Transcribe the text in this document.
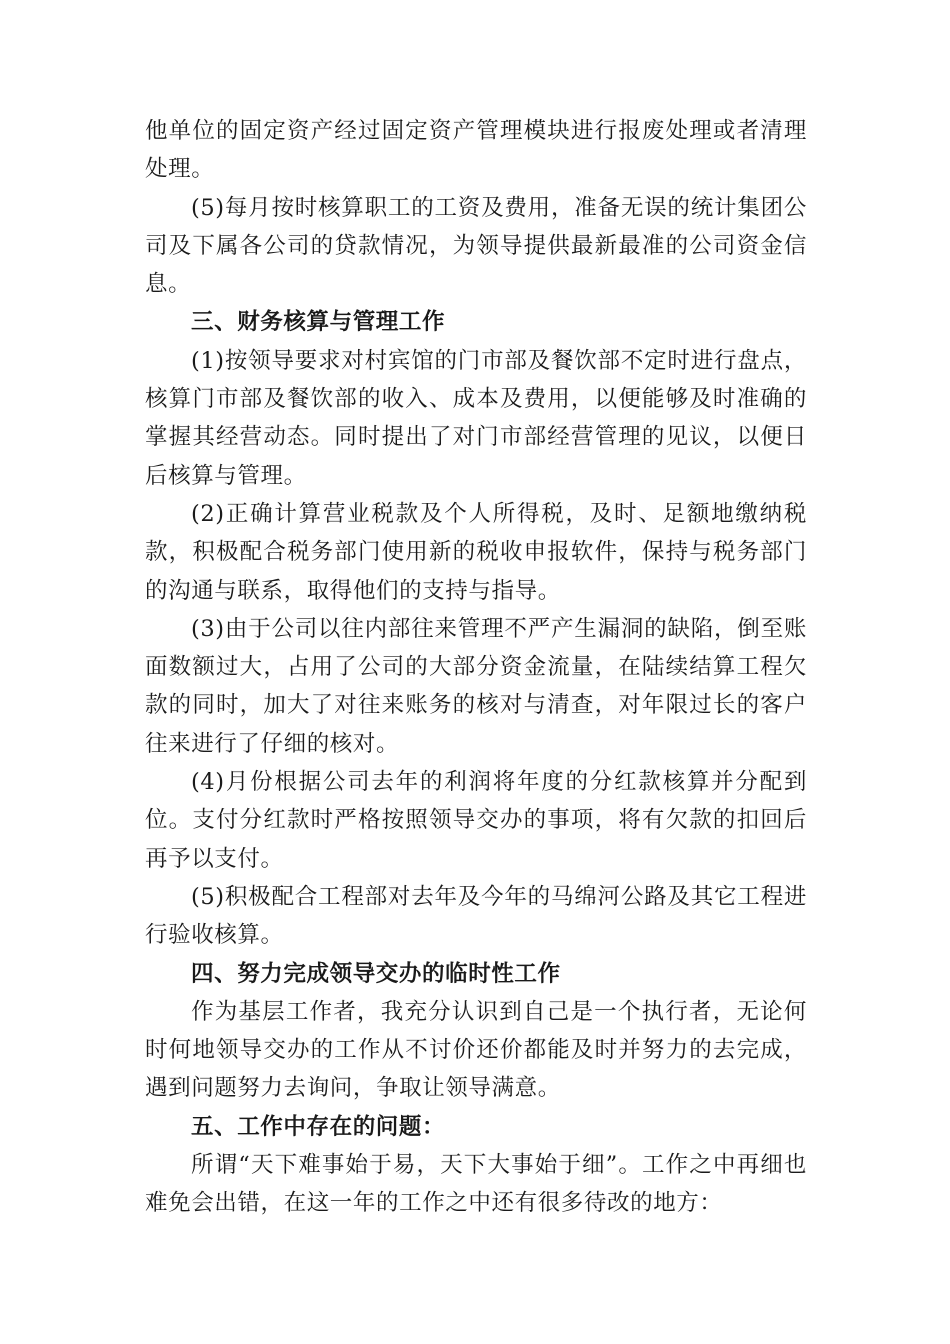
他单位的固定资产经过固定资产管理模块进行报废处理或者清理处理。

(5)每月按时核算职工的工资及费用，准备无误的统计集团公司及下属各公司的贷款情况，为领导提供最新最准的公司资金信息。

三、财务核算与管理工作

(1)按领导要求对村宾馆的门市部及餐饮部不定时进行盘点，核算门市部及餐饮部的收入、成本及费用，以便能够及时准确的掌握其经营动态。同时提出了对门市部经营管理的见议，以便日后核算与管理。

(2)正确计算营业税款及个人所得税，及时、足额地缴纳税款，积极配合税务部门使用新的税收申报软件，保持与税务部门的沟通与联系，取得他们的支持与指导。

(3)由于公司以往内部往来管理不严产生漏洞的缺陷，倒至账面数额过大，占用了公司的大部分资金流量，在陆续结算工程欠款的同时，加大了对往来账务的核对与清查，对年限过长的客户往来进行了仔细的核对。

(4)月份根据公司去年的利润将年度的分红款核算并分配到位。支付分红款时严格按照领导交办的事项，将有欠款的扣回后再予以支付。

(5)积极配合工程部对去年及今年的马绵河公路及其它工程进行验收核算。

四、努力完成领导交办的临时性工作

作为基层工作者，我充分认识到自己是一个执行者，无论何时何地领导交办的工作从不讨价还价都能及时并努力的去完成，遇到问题努力去询问，争取让领导满意。

五、工作中存在的问题：

所谓“天下难事始于易，天下大事始于细”。工作之中再细也难免会出错，在这一年的工作之中还有很多待改的地方：
